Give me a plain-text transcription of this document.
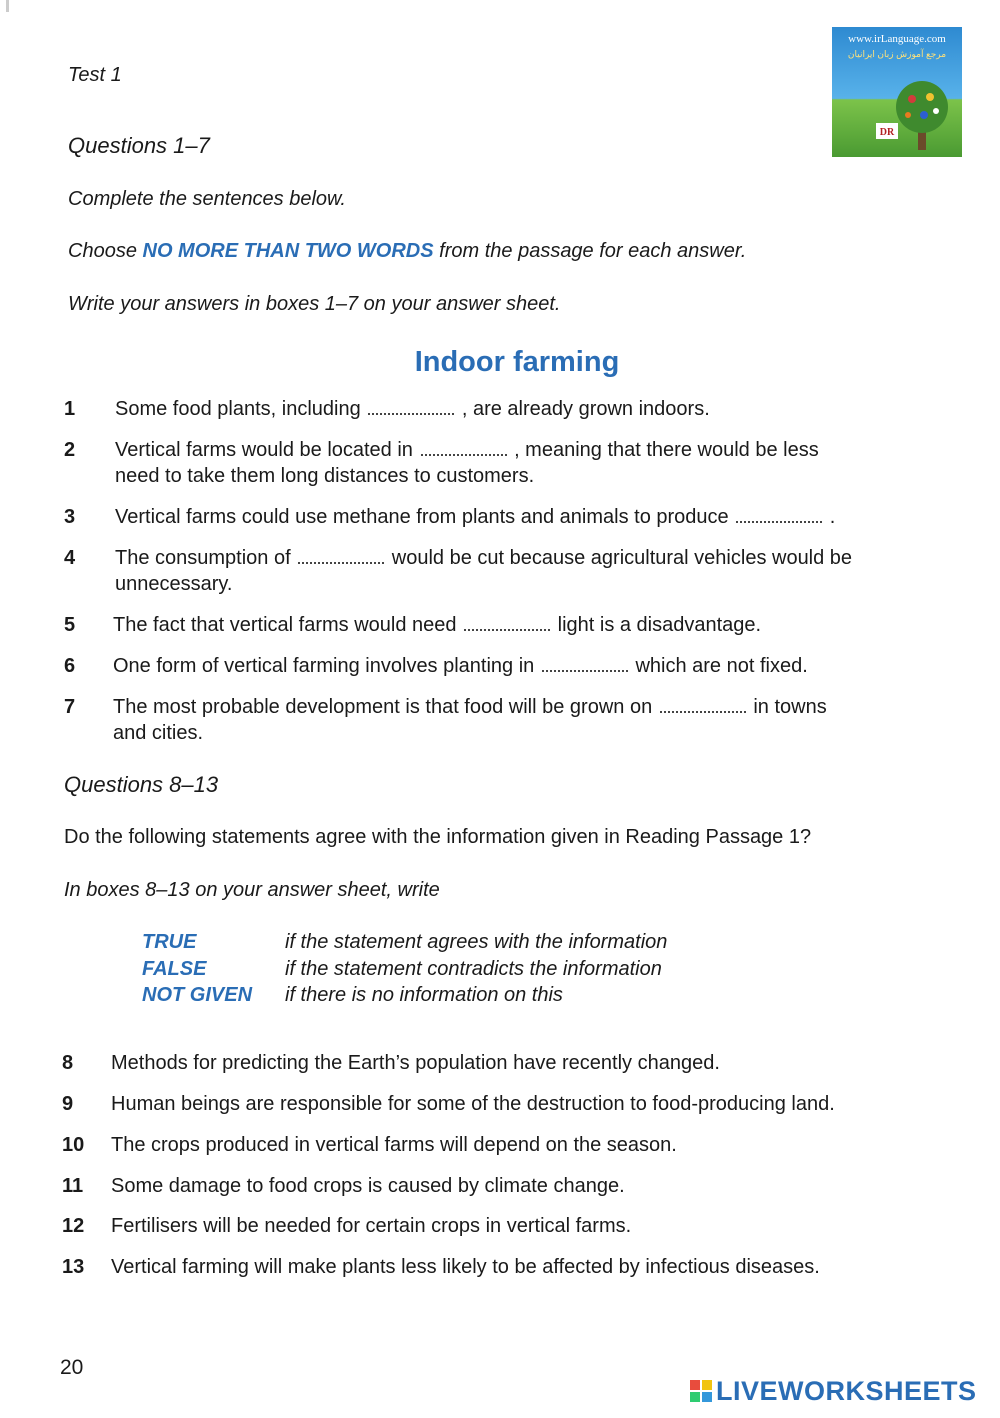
Test 1
www.irLanguage.com
مرجع آموزش زبان ایرانیان
DR
Questions 1–7
Complete the sentences below.
Choose NO MORE THAN TWO WORDS from the passage for each answer.
Write your answers in boxes 1–7 on your answer sheet.
Indoor farming
1 Some food plants, including	, are already grown indoors.
2 Vertical farms would be located in	, meaning that there would be less
need to take them long distances to customers.
3 Vertical farms could use methane from plants and animals to produce	.
4 The consumption of	would be cut because agricultural vehicles would be
unnecessary.
5 The fact that vertical farms would need	light is a disadvantage.
6 One form of vertical farming involves planting in	which are not fixed.
7 The most probable development is that food will be grown on	in towns
and cities.
Questions 8–13
Do the following statements agree with the information given in Reading Passage 1?
In boxes 8–13 on your answer sheet, write
TRUE	if the statement agrees with the information
FALSE	if the statement contradicts the information
NOT GIVEN if there is no information on this
8 Methods for predicting the Earth’s population have recently changed.
9 Human beings are responsible for some of the destruction to food-producing land.
10 The crops produced in vertical farms will depend on the season.
11 Some damage to food crops is caused by climate change.
12 Fertilisers will be needed for certain crops in vertical farms.
13 Vertical farming will make plants less likely to be affected by infectious diseases.
20
LIVEWORKSHEETS
